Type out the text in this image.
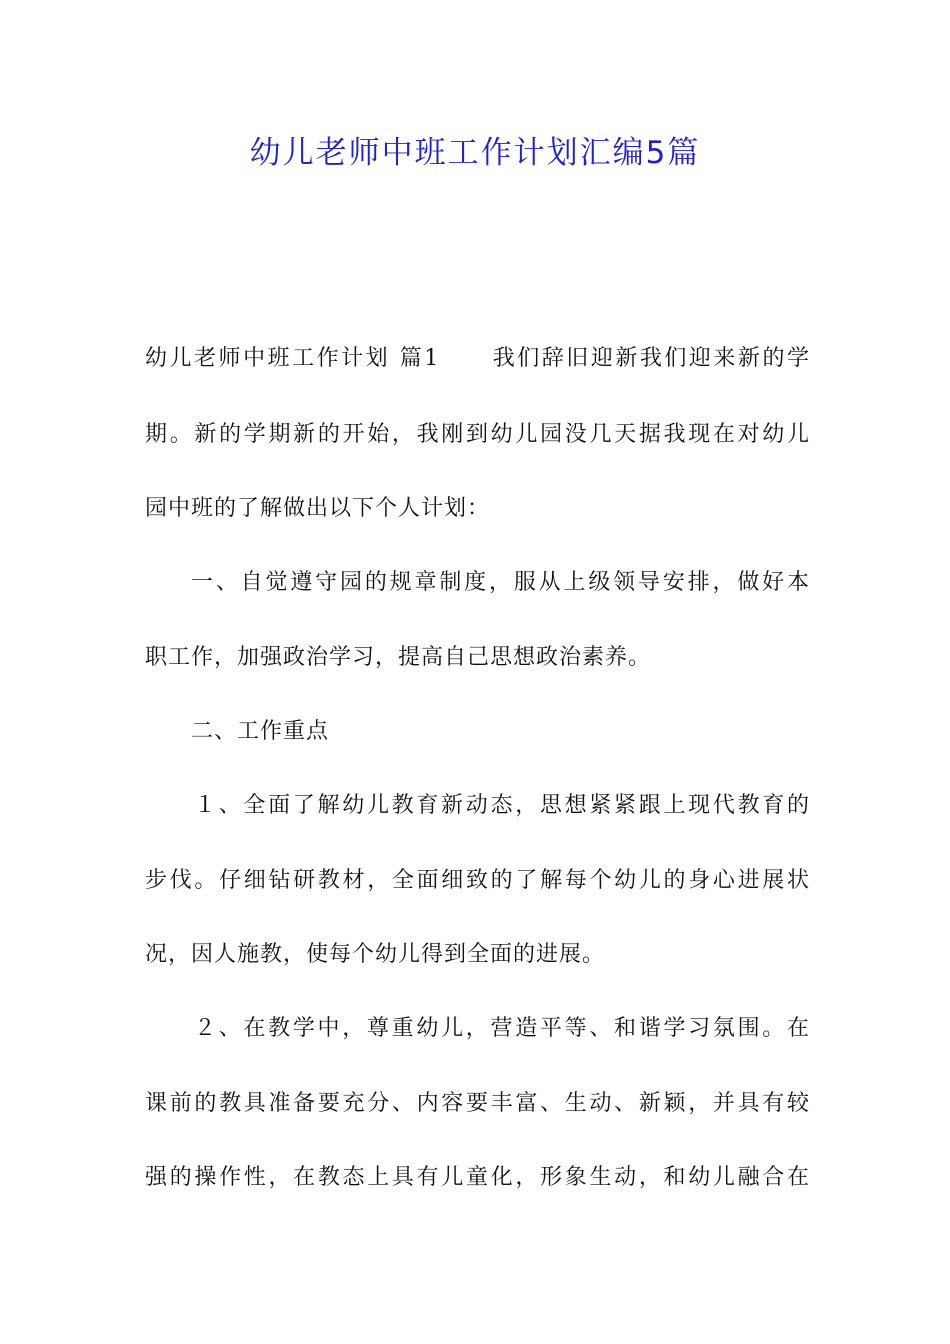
幼儿老师中班工作计划汇编5篇
幼儿老师中班工作计划 篇1 我们辞旧迎新我们迎来新的学
期。新的学期新的开始，我刚到幼儿园没几天据我现在对幼儿
园中班的了解做出以下个人计划：
一、自觉遵守园的规章制度，服从上级领导安排，做好本
职工作，加强政治学习，提高自己思想政治素养。
二、工作重点
１、全面了解幼儿教育新动态，思想紧紧跟上现代教育的
步伐。仔细钻研教材，全面细致的了解每个幼儿的身心进展状
况，因人施教，使每个幼儿得到全面的进展。
２、在教学中，尊重幼儿，营造平等、和谐学习氛围。在
课前的教具准备要充分、内容要丰富、生动、新颖，并具有较
强的操作性，在教态上具有儿童化，形象生动，和幼儿融合在
